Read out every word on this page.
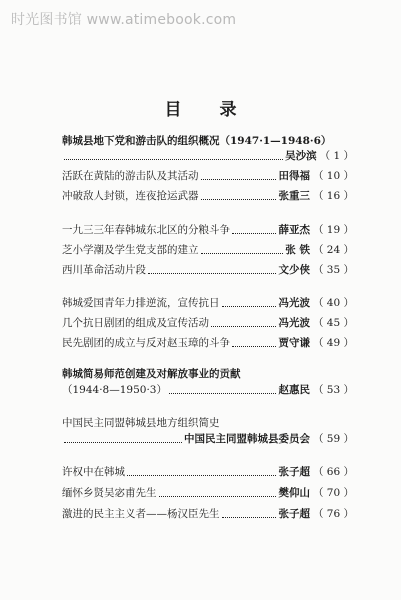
时光图书馆 www.atimebook.com
目录
韩城县地下党和游击队的组织概况（1947·1—1948·6）
吴沙滨 （ 1 ）
活跃在黄陆的游击队及其活动	田得福 （ 10 ）
冲破敌人封锁，连夜抢运武器	张重三 （ 16 ）
一九三三年春韩城东北区的分粮斗争	薛亚杰 （ 19 ）
芝小学潮及学生党支部的建立	张 铁 （ 24 ）
西川革命活动片段	文少侠 （ 35 ）
韩城爱国青年力排逆流，宣传抗日	冯光波 （ 40 ）
几个抗日剧团的组成及宣传活动	冯光波 （ 45 ）
民先剧团的成立与反对赵玉璋的斗争	贾守谦 （ 49 ）
韩城简易师范创建及对解放事业的贡献
（1944·8—1950·3）	赵惠民 （ 53 ）
中国民主同盟韩城县地方组织简史
中国民主同盟韩城县委员会 （ 59 ）
许权中在韩城	张子超 （ 66 ）
缅怀乡贤吴宓甫先生	樊仰山 （ 70 ）
激进的民主主义者——杨汉臣先生	张子超 （ 76 ）
